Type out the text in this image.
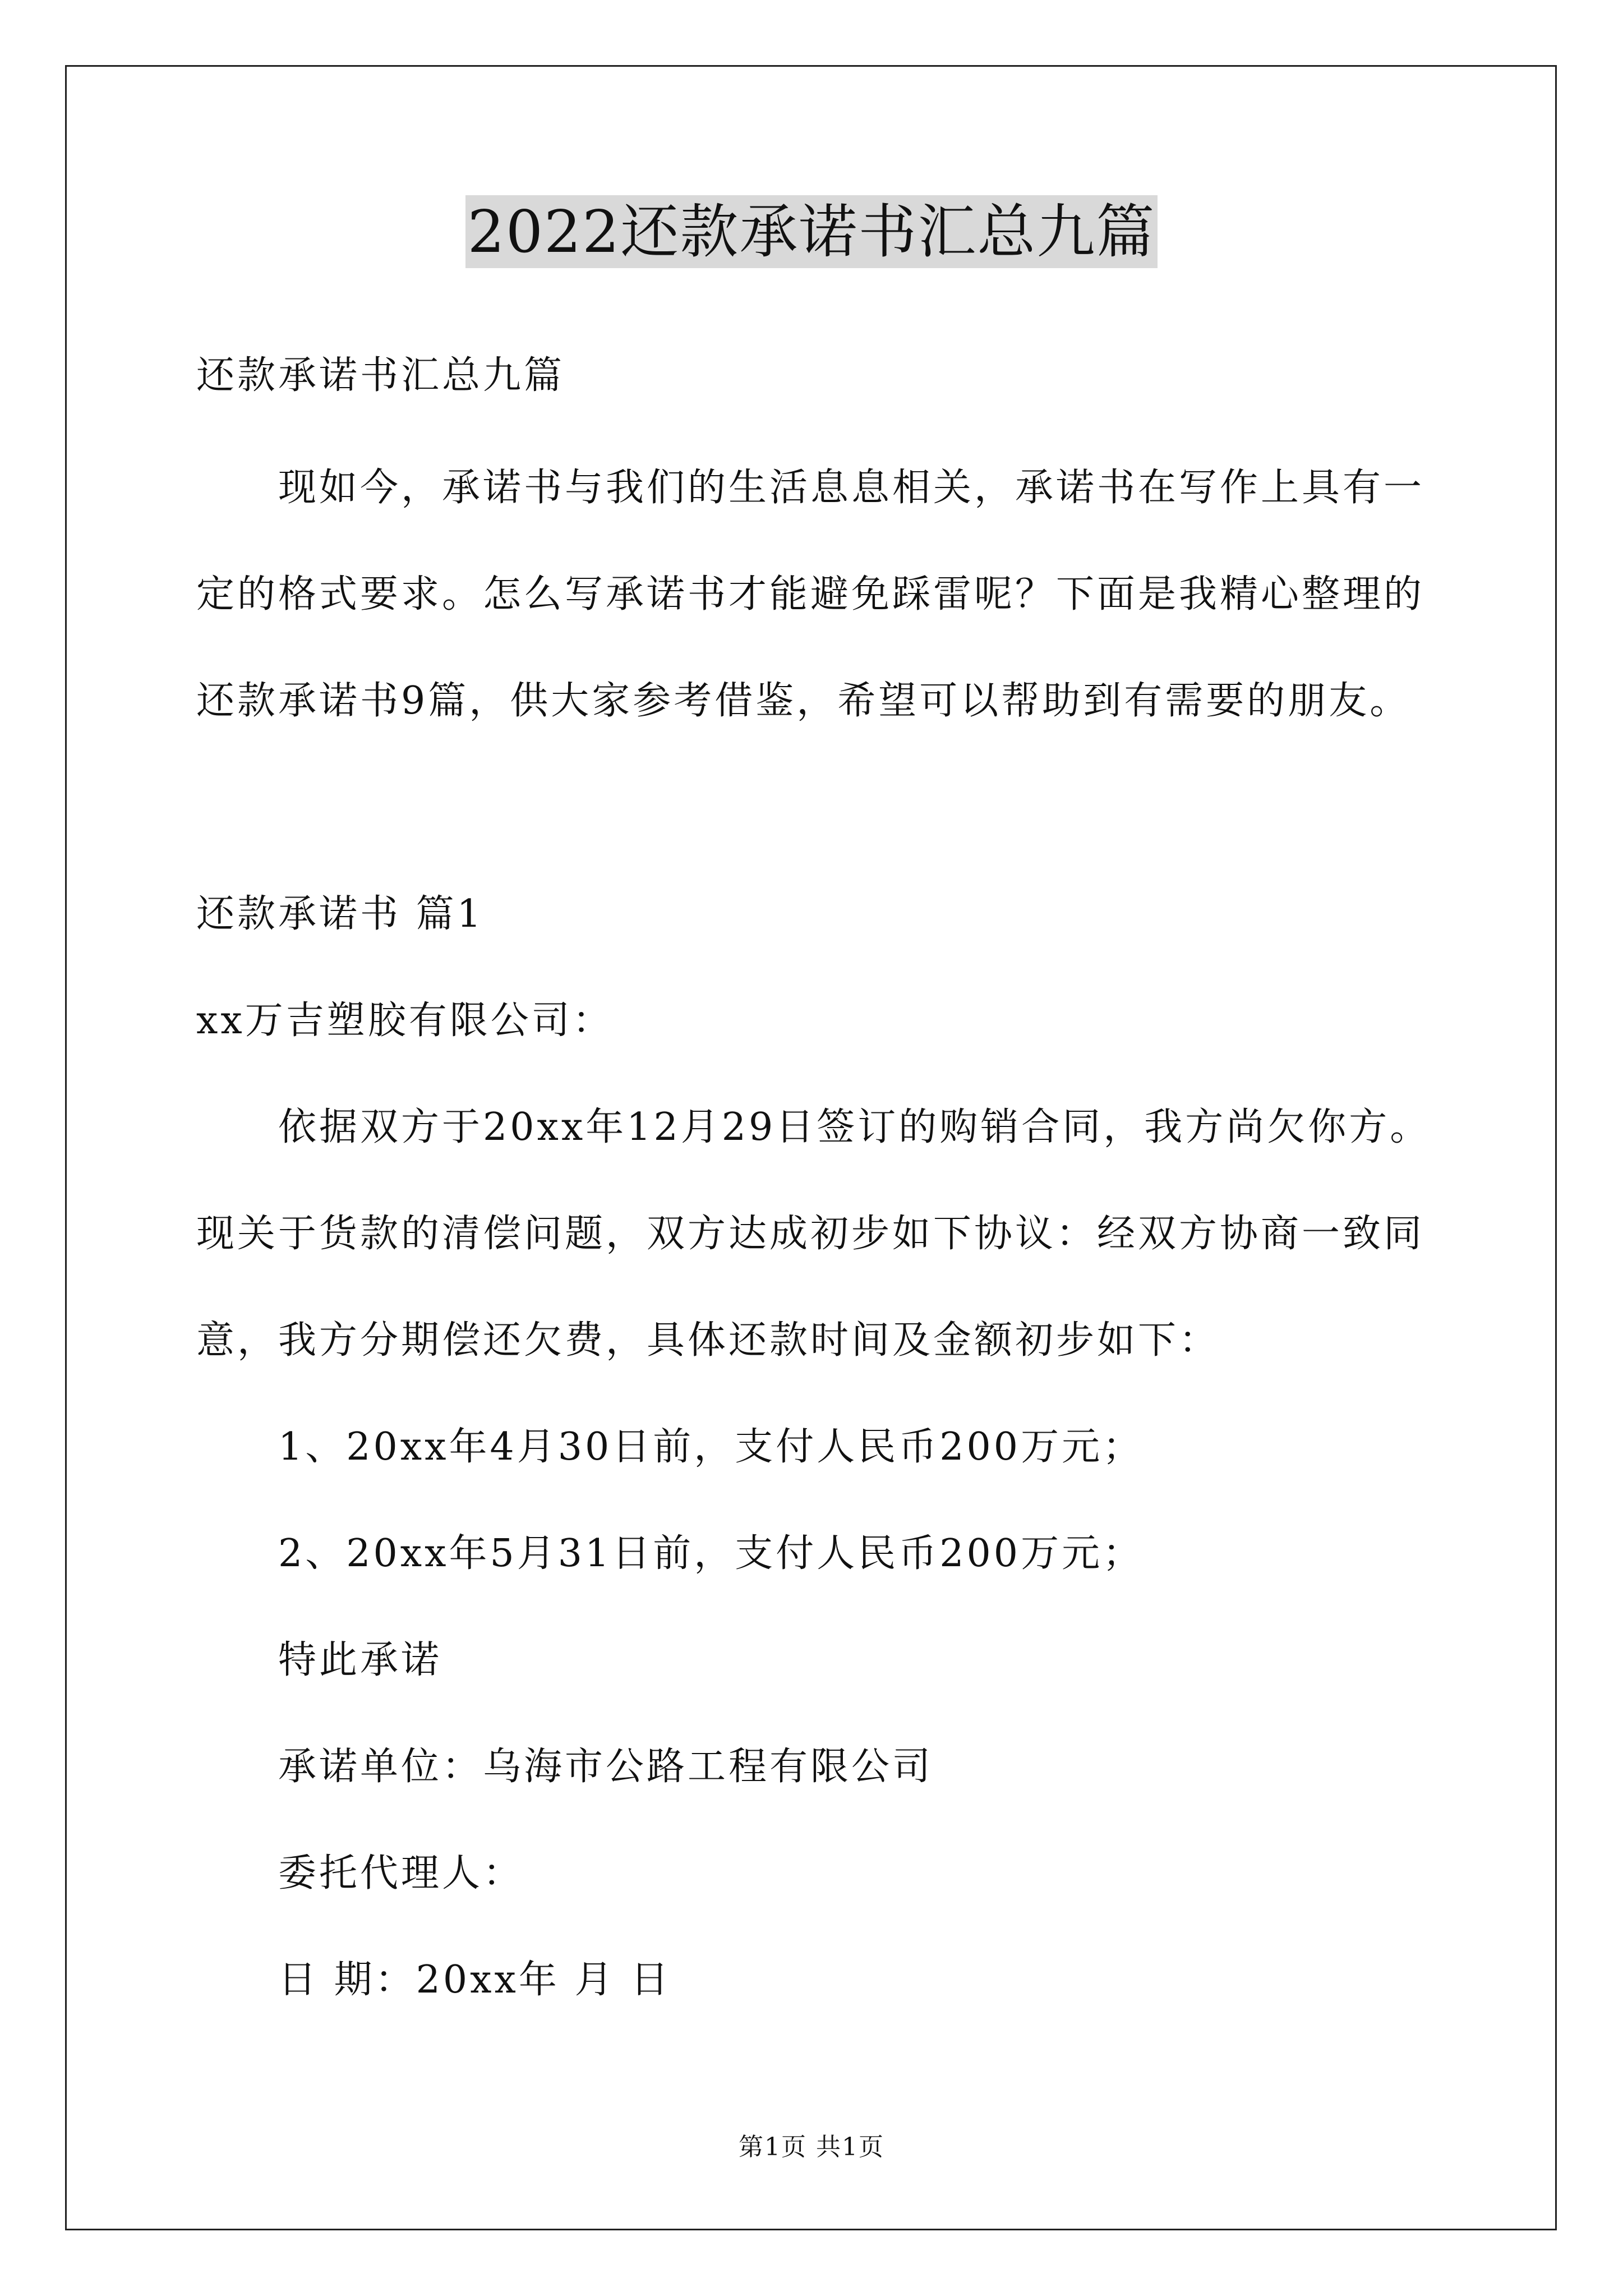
2022还款承诺书汇总九篇
还款承诺书汇总九篇
现如今，承诺书与我们的生活息息相关，承诺书在写作上具有一
定的格式要求。怎么写承诺书才能避免踩雷呢？下面是我精心整理的
还款承诺书9篇，供大家参考借鉴，希望可以帮助到有需要的朋友。
还款承诺书 篇1
xx万吉塑胶有限公司：
依据双方于20xx年12月29日签订的购销合同，我方尚欠你方。
现关于货款的清偿问题，双方达成初步如下协议：经双方协商一致同
意，我方分期偿还欠费，具体还款时间及金额初步如下：
1、20xx年4月30日前，支付人民币200万元；
2、20xx年5月31日前，支付人民币200万元；
特此承诺
承诺单位：乌海市公路工程有限公司
委托代理人：
日 期：20xx年 月 日
第1页 共1页
